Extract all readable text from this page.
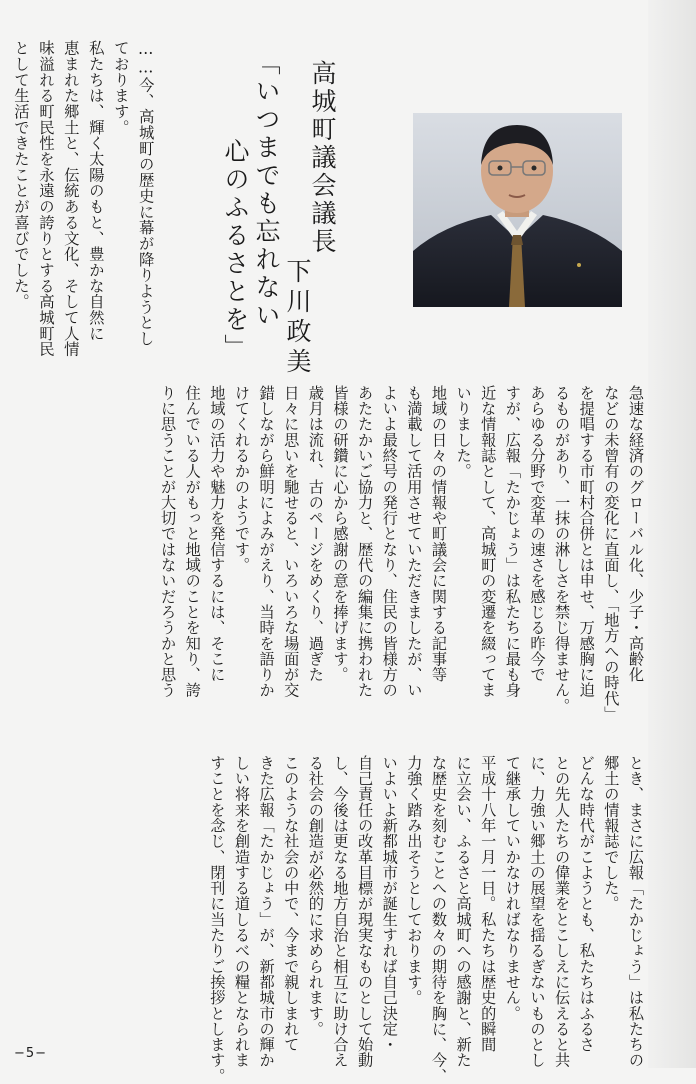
高城町議会議長
下川政美
「いつまでも忘れない
心のふるさとを」
……今、高城町の歴史に幕が降りようとし
ております。
私たちは、輝く太陽のもと、豊かな自然に
恵まれた郷土と、伝統ある文化、そして人情
味溢れる町民性を永遠の誇りとする高城町民
として生活できたことが喜びでした。
急速な経済のグローバル化、少子・高齢化
などの未曾有の変化に直面し、「地方への時代」
を提唱する市町村合併とは申せ、万感胸に迫
るものがあり、一抹の淋しさを禁じ得ません。
あらゆる分野で変革の速さを感じる昨今で
すが、広報「たかじょう」は私たちに最も身
近な情報誌として、高城町の変遷を綴ってま
いりました。
地域の日々の情報や町議会に関する記事等
も満載して活用させていただきましたが、い
よいよ最終号の発行となり、住民の皆様方の
あたたかいご協力と、歴代の編集に携われた
皆様の研鑽に心から感謝の意を捧げます。
歳月は流れ、古のページをめくり、過ぎた
日々に思いを馳せると、いろいろな場面が交
錯しながら鮮明によみがえり、当時を語りか
けてくれるかのようです。
地域の活力や魅力を発信するには、そこに
住んでいる人がもっと地域のことを知り、誇
りに思うことが大切ではないだろうかと思う
とき、まさに広報「たかじょう」は私たちの
郷土の情報誌でした。
どんな時代がこようとも、私たちはふるさ
との先人たちの偉業をとこしえに伝えると共
に、力強い郷土の展望を揺るぎないものとし
て継承していかなければなりません。
平成十八年一月一日。私たちは歴史的瞬間
に立会い、ふるさと高城町への感謝と、新た
な歴史を刻むことへの数々の期待を胸に、今、
力強く踏み出そうとしております。
いよいよ新都城市が誕生すれば自己決定・
自己責任の改革目標が現実なものとして始動
し、今後は更なる地方自治と相互に助け合え
る社会の創造が必然的に求められます。
このような社会の中で、今まで親しまれて
きた広報「たかじょう」が、新都城市の輝か
しい将来を創造する道しるべの糧となられま
すことを念じ、閉刊に当たりご挨拶とします。
−5−
